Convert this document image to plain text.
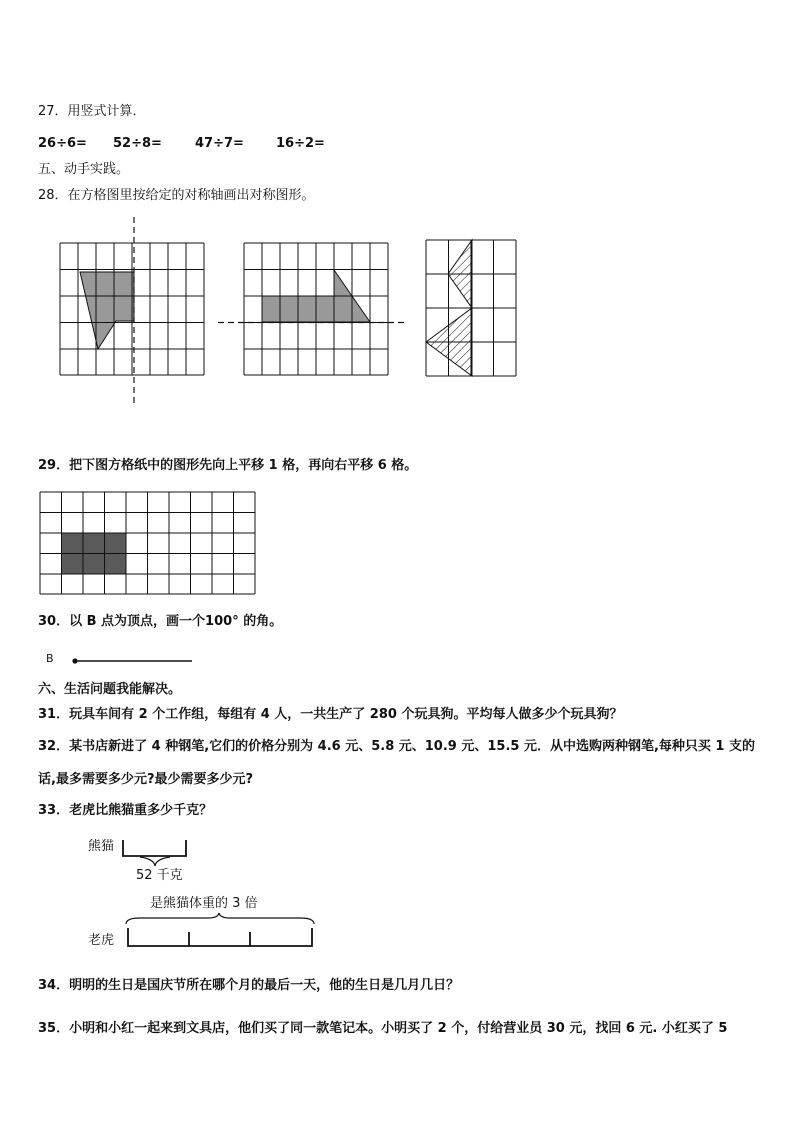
27．用竖式计算．
26÷6= 52÷8=	47÷7= 16÷2=
五、动手实践。
28．在方格图里按给定的对称轴画出对称图形。
29．把下图方格纸中的图形先向上平移 1 格，再向右平移 6 格。
30．以 B 点为顶点，画一个100° 的角。
B
六、生活问题我能解决。
31．玩具车间有 2 个工作组，每组有 4 人，一共生产了 280 个玩具狗。平均每人做多少个玩具狗？
32．某书店新进了 4 种钢笔,它们的价格分别为 4.6 元、5.8 元、10.9 元、15.5 元．从中选购两种钢笔,每种只买 1 支的
话,最多需要多少元?最少需要多少元?
33．老虎比熊猫重多少千克？
熊猫
52 千克
是熊猫体重的 3 倍
老虎
34．明明的生日是国庆节所在哪个月的最后一天，他的生日是几月几日？
35．小明和小红一起来到文具店，他们买了同一款笔记本。小明买了 2 个，付给营业员 30 元，找回 6 元. 小红买了 5
